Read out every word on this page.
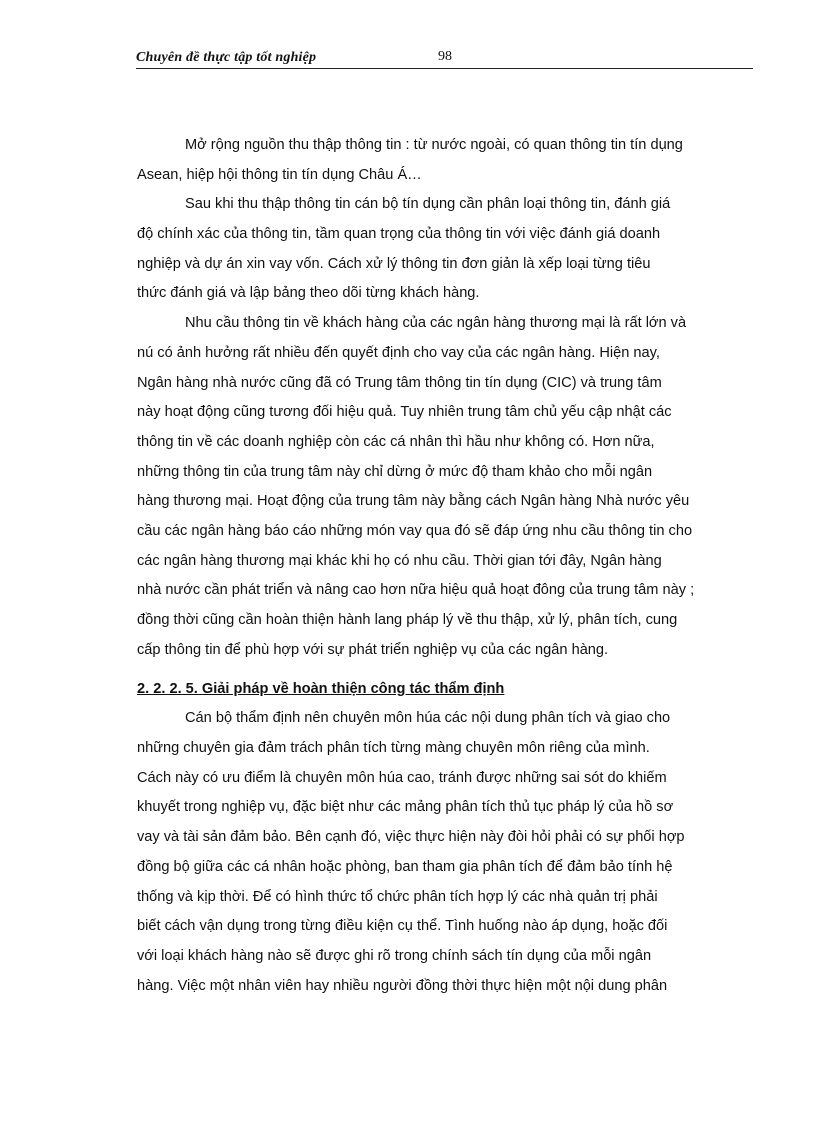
Chuyên đề thực tập tốt nghiệp	98

Mở rộng nguồn thu thập thông tin : từ nước ngoài, có quan thông tin tín dụng
Asean, hiệp hội thông tin tín dụng Châu Á…

Sau khi thu thập thông tin cán bộ tín dụng cần phân loại thông tin, đánh giá
độ chính xác của thông tin, tầm quan trọng của thông tin với việc đánh giá doanh
nghiệp và dự án xin vay vốn. Cách xử lý thông tin đơn giản là xếp loại từng tiêu
thức đánh giá và lập bảng theo dõi từng khách hàng.

Nhu cầu thông tin về khách hàng của các ngân hàng thương mại là rất lớn và
nú có ảnh hưởng rất nhiều đến quyết định cho vay của các ngân hàng. Hiện nay,
Ngân hàng nhà nước cũng đã có Trung tâm thông tin tín dụng (CIC) và trung tâm
này hoạt động cũng tương đối hiệu quả. Tuy nhiên trung tâm chủ yếu cập nhật các
thông tin về các doanh nghiệp còn các cá nhân thì hầu như không có. Hơn nữa,
những thông tin của trung tâm này chỉ dừng ở mức độ tham khảo cho mỗi ngân
hàng thương mại. Hoạt động của trung tâm này bằng cách Ngân hàng Nhà nước yêu
cầu các ngân hàng báo cáo những món vay qua đó sẽ đáp ứng nhu cầu thông tin cho
các ngân hàng thương mại khác khi họ có nhu cầu. Thời gian tới đây, Ngân hàng
nhà nước cần phát triển và nâng cao hơn nữa hiệu quả hoạt đông của trung tâm này ;
đồng thời cũng cần hoàn thiện hành lang pháp lý về thu thập, xử lý, phân tích, cung
cấp thông tin để phù hợp với sự phát triển nghiệp vụ của các ngân hàng.

2. 2. 2. 5. Giải pháp về hoàn thiện công tác thẩm định

Cán bộ thẩm định nên chuyên môn húa các nội dung phân tích và giao cho
những chuyên gia đảm trách phân tích từng màng chuyên môn riêng của mình.
Cách này có ưu điểm là chuyên môn húa cao, tránh được những sai sót do khiếm
khuyết trong nghiệp vụ, đặc biệt như các mảng phân tích thủ tục pháp lý của hồ sơ
vay và tài sản đảm bảo. Bên cạnh đó, việc thực hiện này đòi hỏi phải có sự phối hợp
đồng bộ giữa các cá nhân hoặc phòng, ban tham gia phân tích để đảm bảo tính hệ
thống và kịp thời. Để có hình thức tổ chức phân tích hợp lý các nhà quản trị phải
biết cách vận dụng trong từng điều kiện cụ thể. Tình huống nào áp dụng, hoặc đối
với loại khách hàng nào sẽ được ghi rõ trong chính sách tín dụng của mỗi ngân
hàng. Việc một nhân viên hay nhiều người đồng thời thực hiện một nội dung phân
